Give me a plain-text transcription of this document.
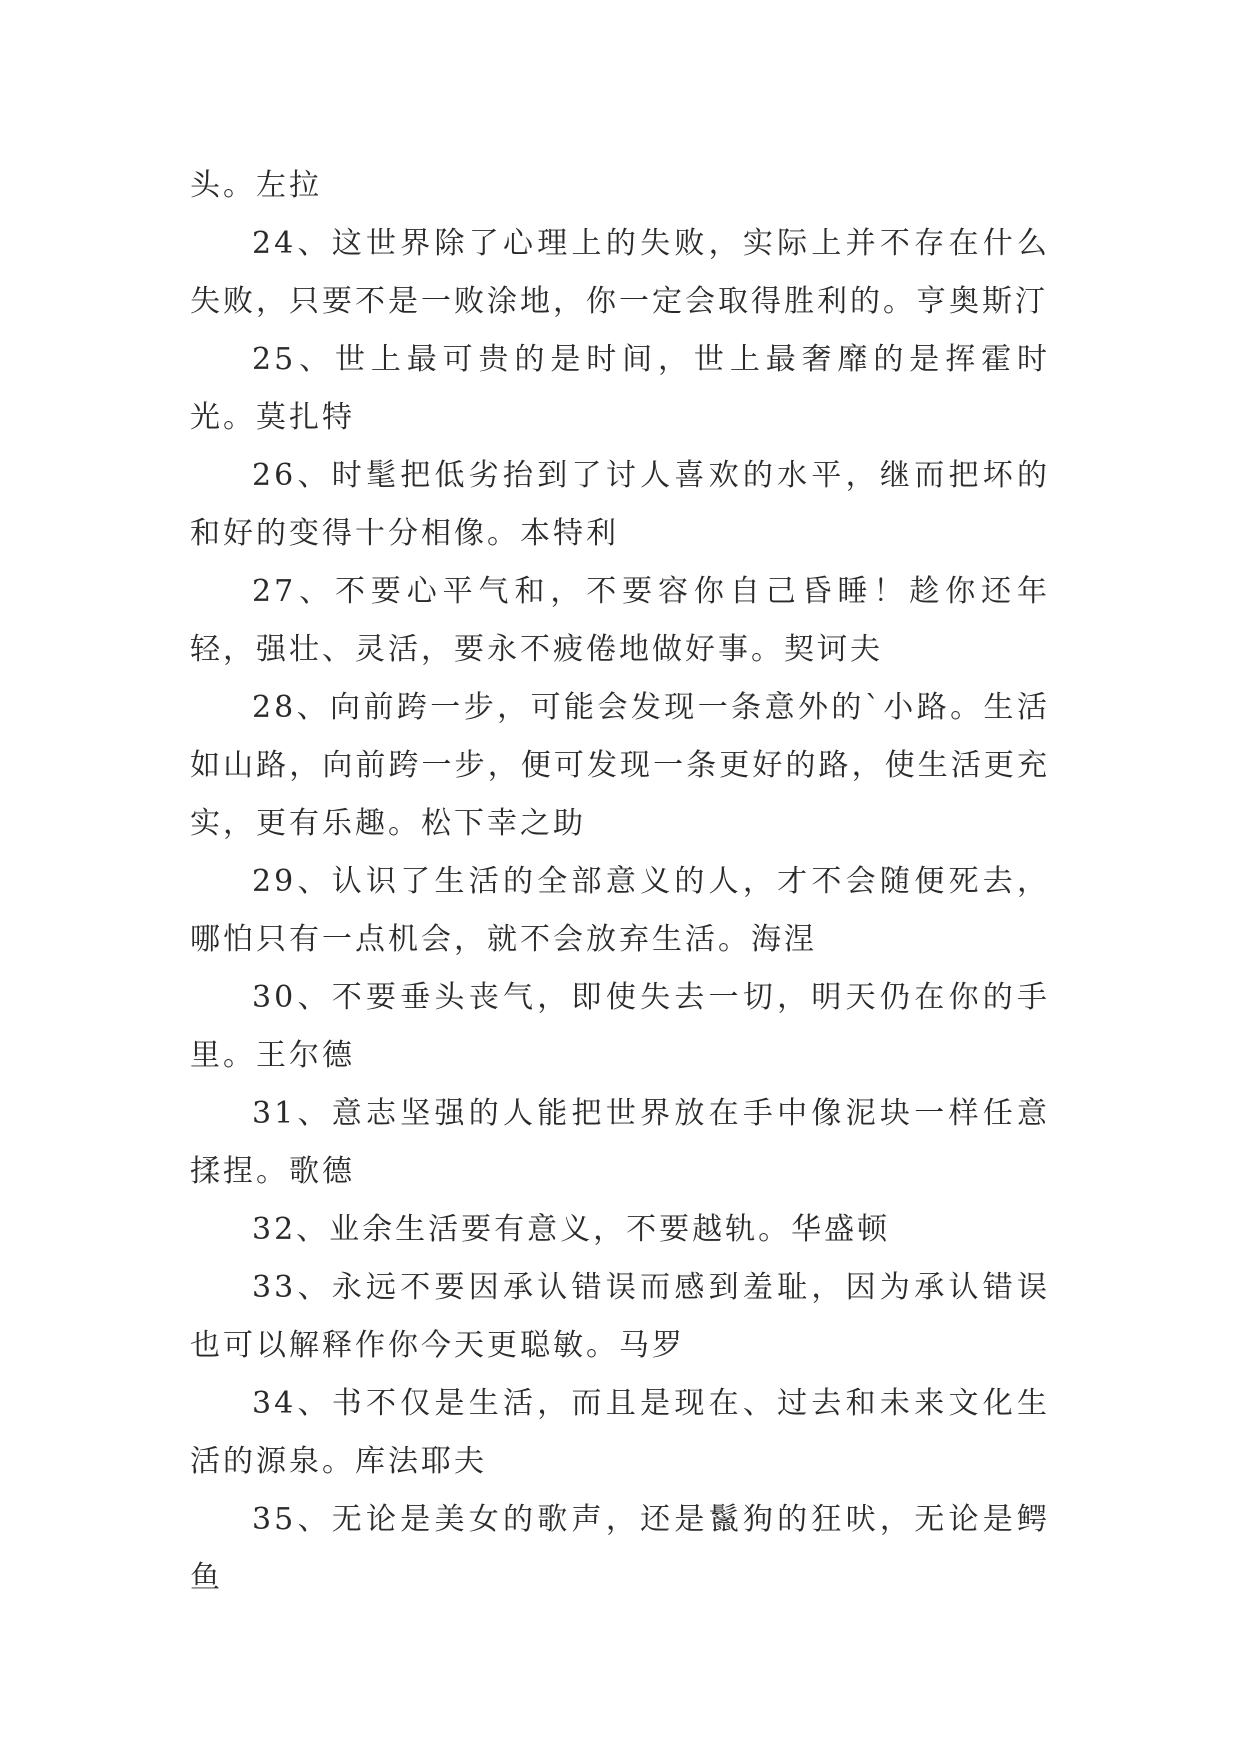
头。左拉

24、这世界除了心理上的失败，实际上并不存在什么失败，只要不是一败涂地，你一定会取得胜利的。亨奥斯汀

25、世上最可贵的是时间，世上最奢靡的是挥霍时光。莫扎特

26、时髦把低劣抬到了讨人喜欢的水平，继而把坏的和好的变得十分相像。本特利

27、不要心平气和，不要容你自己昏睡！趁你还年轻，强壮、灵活，要永不疲倦地做好事。契诃夫

28、向前跨一步，可能会发现一条意外的`小路。生活如山路，向前跨一步，便可发现一条更好的路，使生活更充实，更有乐趣。松下幸之助

29、认识了生活的全部意义的人，才不会随便死去，哪怕只有一点机会，就不会放弃生活。海涅

30、不要垂头丧气，即使失去一切，明天仍在你的手里。王尔德

31、意志坚强的人能把世界放在手中像泥块一样任意揉捏。歌德

32、业余生活要有意义，不要越轨。华盛顿

33、永远不要因承认错误而感到羞耻，因为承认错误也可以解释作你今天更聪敏。马罗

34、书不仅是生活，而且是现在、过去和未来文化生活的源泉。库法耶夫

35、无论是美女的歌声，还是鬣狗的狂吠，无论是鳄鱼
